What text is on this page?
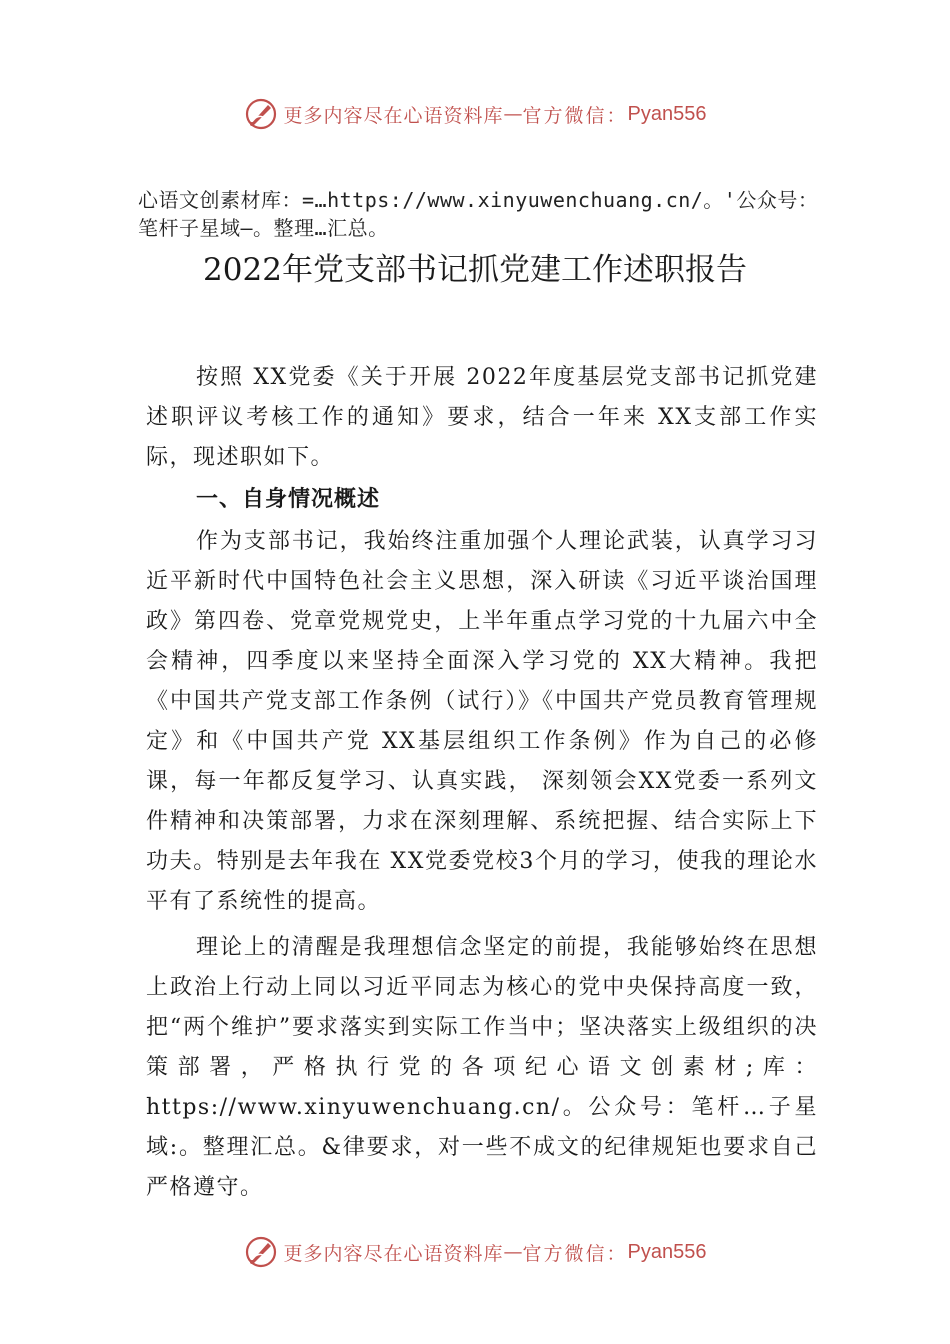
更多内容尽在心语资料库 — 官方微信： Pyan556
心语文创素材库：=…https://www.xinyuwenchuang.cn/。'公众号：笔杆子星域—。整理…汇总。
2022年党支部书记抓党建工作述职报告

按照 XX党委《关于开展 2022年度基层党支部书记抓党建述职评议考核工作的通知》要求，结合一年来 XX支部工作实际，现述职如下。

一、自身情况概述

作为支部书记，我始终注重加强个人理论武装，认真学习习近平新时代中国特色社会主义思想，深入研读《习近平谈治国理政》第四卷、党章党规党史，上半年重点学习党的十九届六中全会精神，四季度以来坚持全面深入学习党的 XX大精神。我把《中国共产党支部工作条例（试行）》《中国共产党员教育管理规定》和《中国共产党 XX基层组织工作条例》作为自己的必修课，每一年都反复学习、认真实践， 深刻领会XX党委一系列文件精神和决策部署，力求在深刻理解、系统把握、结合实际上下功夫。特别是去年我在 XX党委党校3个月的学习，使我的理论水平有了系统性的提高。

理论上的清醒是我理想信念坚定的前提，我能够始终在思想上政治上行动上同以习近平同志为核心的党中央保持高度一致，把“两个维护”要求落实到实际工作当中；坚决落实上级组织的决策部署，严格执行党的各项纪心语文创素材;库：https://www.xinyuwenchuang.cn/。公众号：笔杆…子星域:。整理汇总。&律要求，对一些不成文的纪律规矩也要求自己严格遵守。

更多内容尽在心语资料库 — 官方微信： Pyan556
